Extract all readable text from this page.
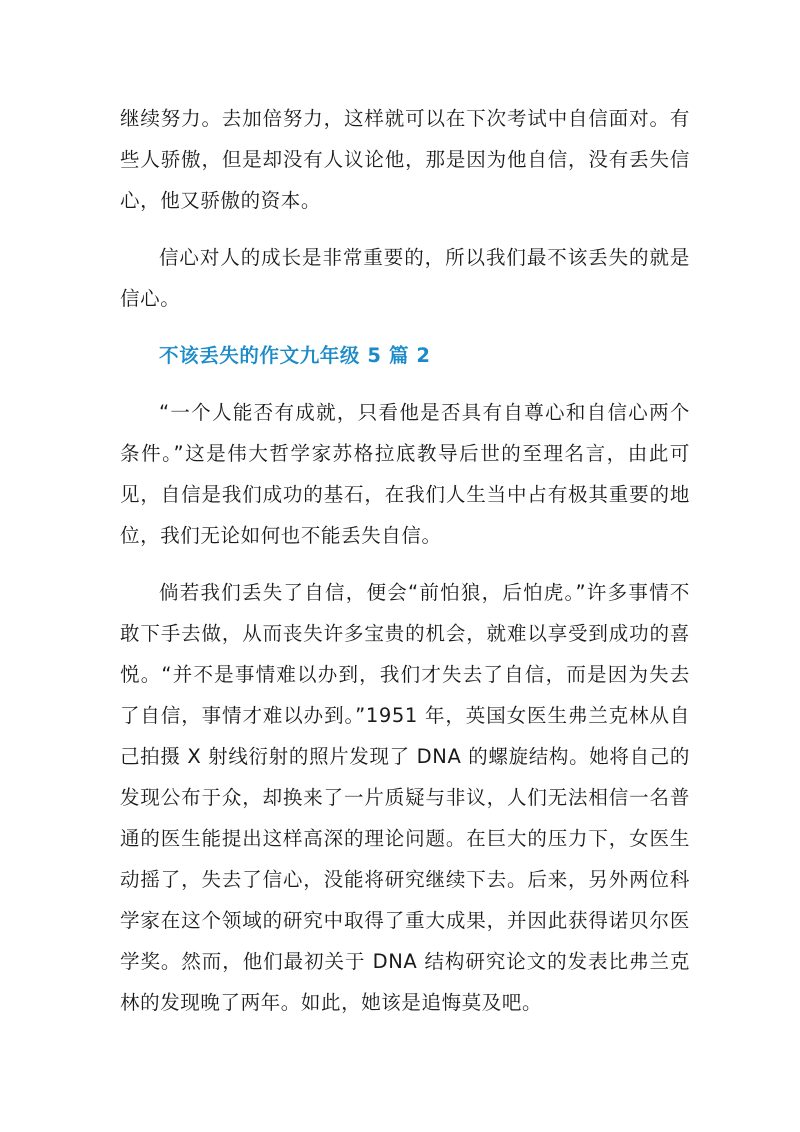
继续努力。去加倍努力，这样就可以在下次考试中自信面对。有些人骄傲，但是却没有人议论他，那是因为他自信，没有丢失信心，他又骄傲的资本。

信心对人的成长是非常重要的，所以我们最不该丢失的就是信心。

不该丢失的作文九年级 5 篇 2

“一个人能否有成就，只看他是否具有自尊心和自信心两个条件。”这是伟大哲学家苏格拉底教导后世的至理名言，由此可见，自信是我们成功的基石，在我们人生当中占有极其重要的地位，我们无论如何也不能丢失自信。

倘若我们丢失了自信，便会“前怕狼，后怕虎。”许多事情不敢下手去做，从而丧失许多宝贵的机会，就难以享受到成功的喜悦。“并不是事情难以办到，我们才失去了自信，而是因为失去了自信，事情才难以办到。”1951 年，英国女医生弗兰克林从自己拍摄 X 射线衍射的照片发现了 DNA 的螺旋结构。她将自己的发现公布于众，却换来了一片质疑与非议，人们无法相信一名普通的医生能提出这样高深的理论问题。在巨大的压力下，女医生动摇了，失去了信心，没能将研究继续下去。后来，另外两位科学家在这个领域的研究中取得了重大成果，并因此获得诺贝尔医学奖。然而，他们最初关于 DNA 结构研究论文的发表比弗兰克林的发现晚了两年。如此，她该是追悔莫及吧。
